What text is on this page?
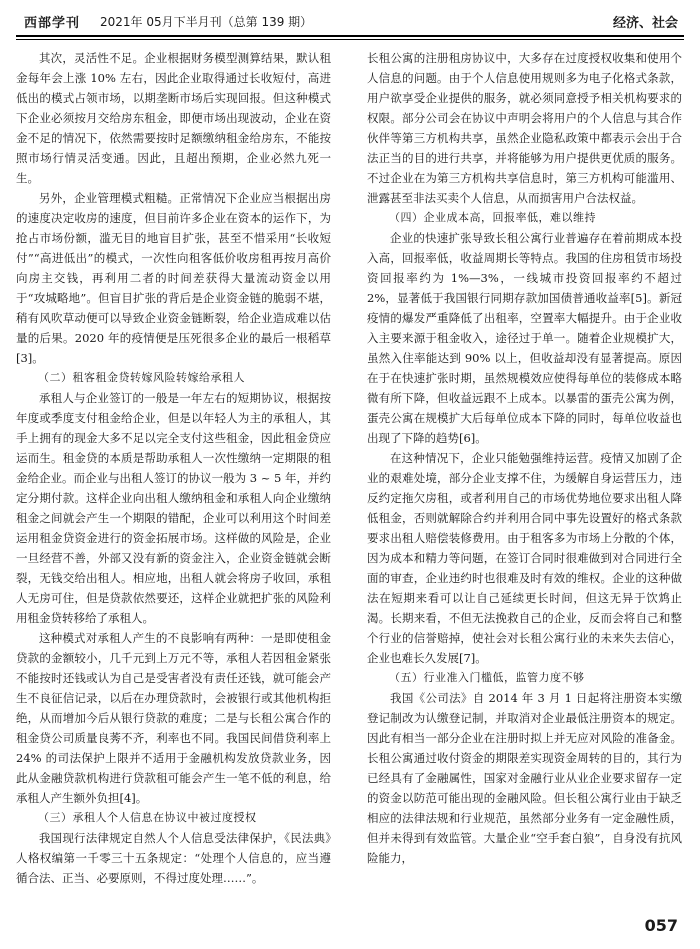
西部学刊 2021年 05月下半月刊（总第 139 期）	经济、社会

其次，灵活性不足。企业根据财务模型测算结果，默认租金每年会上涨 10% 左右，因此企业取得通过长收短付，高进低出的模式占领市场，以期垄断市场后实现回报。但这种模式下企业必须按月交给房东租金，即便市场出现波动，企业在资金不足的情况下，依然需要按时足额缴纳租金给房东，不能按照市场行情灵活变通。因此，且超出预期，企业必然九死一生。

另外，企业管理模式粗糙。正常情况下企业应当根据出房的速度决定收房的速度，但目前许多企业在资本的运作下，为抢占市场份额，滥无目的地盲目扩张，甚至不惜采用“长收短付”“高进低出”的模式，一次性向租客低价收房租再按月高价向房主交钱，再利用二者的时间差获得大量流动资金以用于“攻城略地”。但盲目扩张的背后是企业资金链的脆弱不堪，稍有风吹草动便可以导致企业资金链断裂，给企业造成难以估量的后果。2020 年的疫情便是压死很多企业的最后一根稻草[3]。

（二）租客租金贷转嫁风险转嫁给承租人

承租人与企业签订的一般是一年左右的短期协议，根据按年度或季度支付租金给企业，但是以年轻人为主的承租人，其手上拥有的现金大多不足以完全支付这些租金，因此租金贷应运而生。租金贷的本质是帮助承租人一次性缴纳一定期限的租金给企业。而企业与出租人签订的协议一般为 3 ~ 5 年，并约定分期付款。这样企业向出租人缴纳租金和承租人向企业缴纳租金之间就会产生一个期限的错配，企业可以利用这个时间差运用租金贷资金进行的资金拓展市场。这样做的风险是，企业一旦经营不善，外部又没有新的资金注入，企业资金链就会断裂，无钱交给出租人。相应地，出租人就会将房子收回，承租人无房可住，但是贷款依然要还，这样企业就把扩张的风险利用租金贷转移给了承租人。

这种模式对承租人产生的不良影响有两种：一是即使租金贷款的金额较小，几千元到上万元不等，承租人若因租金紧张不能按时还钱或认为自己是受害者没有责任还钱，就可能会产生不良征信记录，以后在办理贷款时，会被银行或其他机构拒绝，从而增加今后从银行贷款的难度；二是与长租公寓合作的租金贷公司质量良莠不齐，利率也不同。我国民间借贷利率上 24% 的司法保护上限并不适用于金融机构发放贷款业务，因此从金融贷款机构进行贷款租可能会产生一笔不低的利息，给承租人产生额外负担[4]。

（三）承租人个人信息在协议中被过度授权

我国现行法律规定自然人个人信息受法律保护，《民法典》人格权编第一千零三十五条规定：“处理个人信息的，应当遵循合法、正当、必要原则，不得过度处理……”。

长租公寓的注册租房协议中，大多存在过度授权收集和使用个人信息的问题。由于个人信息使用规则多为电子化格式条款，用户欲享受企业提供的服务，就必须同意授予相关机构要求的权限。部分公司会在协议中声明会将用户的个人信息与其合作伙伴等第三方机构共享，虽然企业隐私政策中都表示会出于合法正当的目的进行共享，并将能够为用户提供更优质的服务。不过企业在为第三方机构共享信息时，第三方机构可能滥用、泄露甚至非法买卖个人信息，从而损害用户合法权益。

（四）企业成本高，回报率低，难以维持

企业的快速扩张导致长租公寓行业普遍存在着前期成本投入高，回报率低，收益周期长等特点。我国的住房租赁市场投资回报率约为 1%—3%，一线城市投资回报率约不超过 2%，显著低于我国银行同期存款加国债普通收益率[5]。新冠疫情的爆发严重降低了出租率，空置率大幅提升。由于企业收入主要来源于租金收入，途径过于单一。随着企业规模扩大，虽然入住率能达到 90% 以上，但收益却没有显著提高。原因在于在快速扩张时期，虽然规模效应使得每单位的装修成本略微有所下降，但收益远跟不上成本。以暴雷的蛋壳公寓为例，蛋壳公寓在规模扩大后每单位成本下降的同时，每单位收益也出现了下降的趋势[6]。

在这种情况下，企业只能勉强维持运营。疫情又加剧了企业的艰难处境，部分企业支撑不住，为缓解自身运营压力，违反约定拖欠房租，或者利用自己的市场优势地位要求出租人降低租金，否则就解除合约并利用合同中事先设置好的格式条款要求出租人赔偿装修费用。由于租客多为市场上分散的个体，因为成本和精力等问题，在签订合同时很难做到对合同进行全面的审查，企业违约时也很难及时有效的维权。企业的这种做法在短期来看可以让自己延续更长时间，但这无异于饮鸩止渴。长期来看，不但无法挽救自己的企业，反而会将自己和整个行业的信誉赔掉，使社会对长租公寓行业的未来失去信心，企业也难长久发展[7]。

（五）行业准入门槛低，监管力度不够

我国《公司法》自 2014 年 3 月 1 日起将注册资本实缴登记制改为认缴登记制，并取消对企业最低注册资本的规定。因此有相当一部分企业在注册时拟上并无应对风险的准备金。长租公寓通过收付资金的期限差实现资金周转的目的，其行为已经具有了金融属性，国家对金融行业从业企业要求留存一定的资金以防范可能出现的金融风险。但长租公寓行业由于缺乏相应的法律法规和行业规范，虽然部分业务有一定金融性质，但并未得到有效监管。大量企业“空手套白狼”，自身没有抗风险能力，

057
